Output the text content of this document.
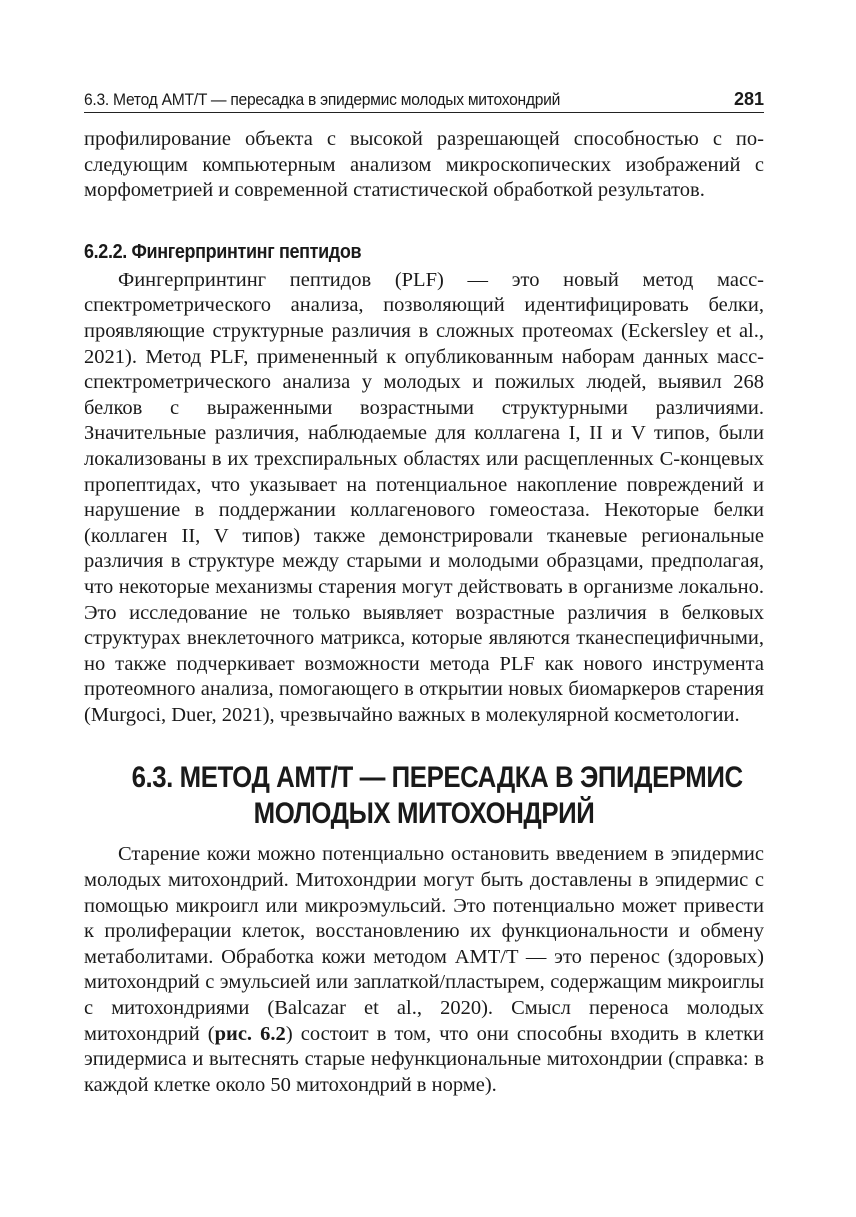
6.3. Метод AMT/T — пересадка в эпидермис молодых митохондрий	281

профилирование объекта с высокой разрешающей способностью с последующим компьютерным анализом микроскопических изображений с морфометрией и современной статистической обработкой результатов.

6.2.2. Фингерпринтинг пептидов

Фингерпринтинг пептидов (PLF) — это новый метод масс-спектрометрического анализа, позволяющий идентифицировать белки, проявляющие структурные различия в сложных протеомах (Eckersley et al., 2021). Метод PLF, примененный к опубликованным наборам данных масс-спектрометрического анализа у молодых и пожилых людей, выявил 268 белков с выраженными возрастными структурными различиями. Значительные различия, наблюдаемые для коллагена I, II и V типов, были локализованы в их трехспиральных областях или расщепленных C-концевых пропептидах, что указывает на потенциальное накопление повреждений и нарушение в поддержании коллагенового гомеостаза. Некоторые белки (коллаген II, V типов) также демонстрировали тканевые региональные различия в структуре между старыми и молодыми образцами, предполагая, что некоторые механизмы старения могут действовать в организме локально. Это исследование не только выявляет возрастные различия в белковых структурах внеклеточного матрикса, которые являются тканеспецифичными, но также подчеркивает возможности метода PLF как нового инструмента протеомного анализа, помогающего в открытии новых биомаркеров старения (Murgoci, Duer, 2021), чрезвычайно важных в молекулярной косметологии.

6.3. МЕТОД AMT/T — ПЕРЕСАДКА В ЭПИДЕРМИС
МОЛОДЫХ МИТОХОНДРИЙ

Старение кожи можно потенциально остановить введением в эпидермис молодых митохондрий. Митохондрии могут быть доставлены в эпидермис с помощью микроигл или микроэмульсий. Это потенциально может привести к пролиферации клеток, восстановлению их функциональности и обмену метаболитами. Обработка кожи методом AMT/T — это перенос (здоровых) митохондрий с эмульсией или заплаткой/пластырем, содержащим микроиглы с митохондриями (Balcazar et al., 2020). Смысл переноса молодых митохондрий (рис. 6.2) состоит в том, что они способны входить в клетки эпидермиса и вытеснять старые нефункциональные митохондрии (справка: в каждой клетке около 50 митохондрий в норме).
